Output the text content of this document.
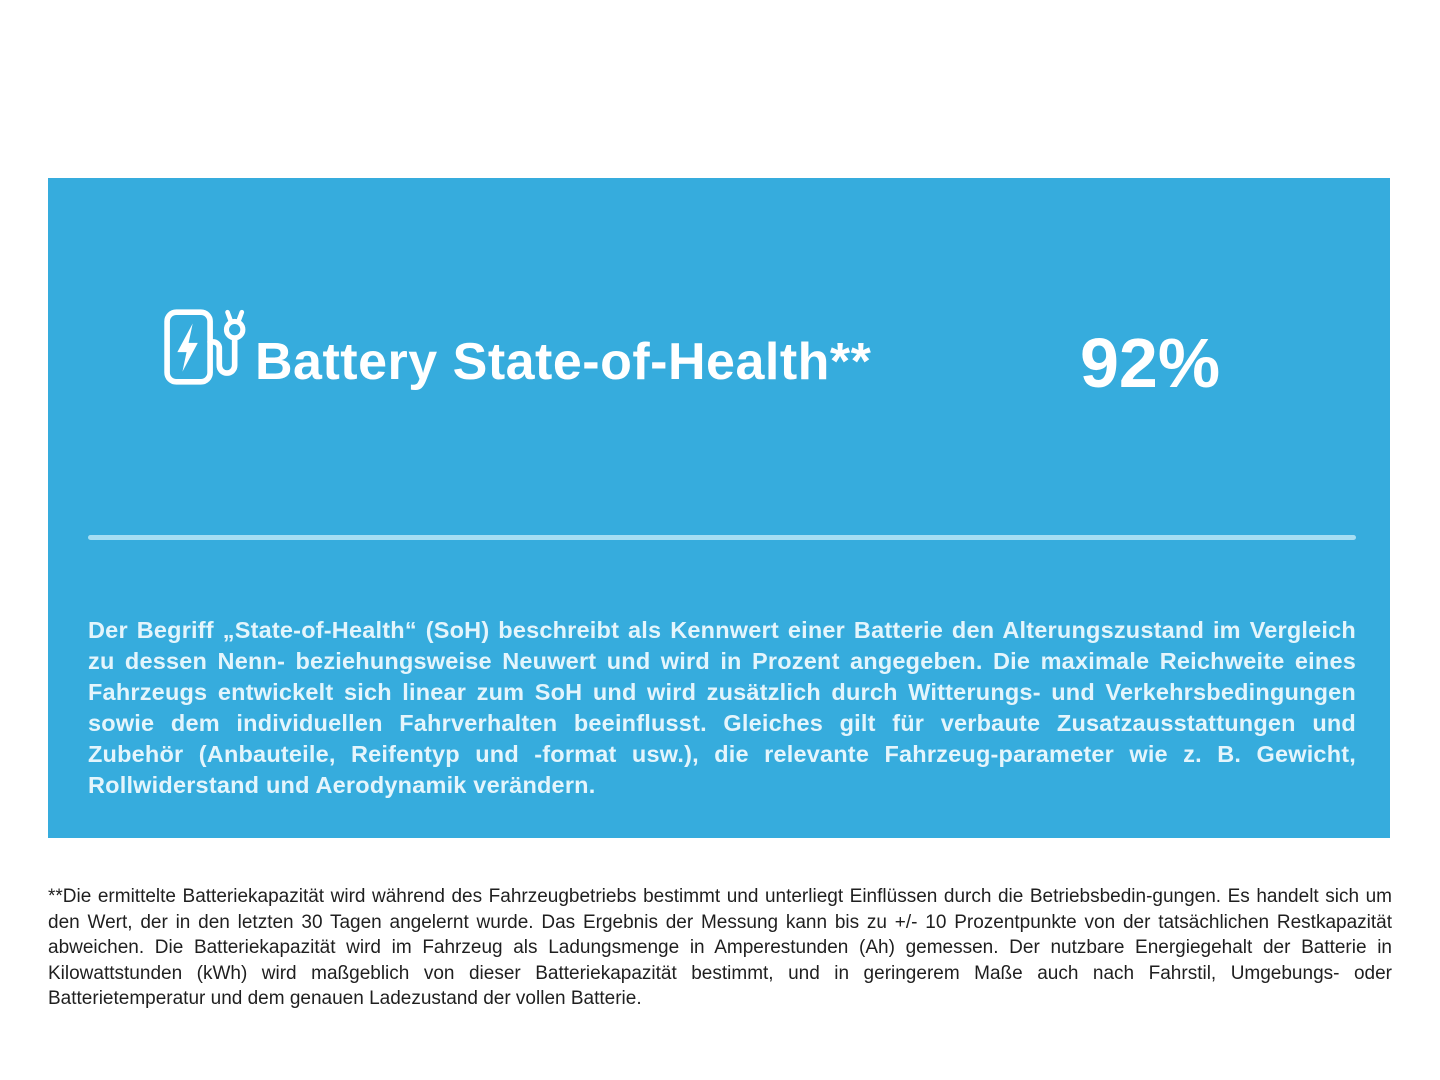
Battery State-of-Health**	92%
Der Begriff „State-of-Health“ (SoH) beschreibt als Kennwert einer Batterie den Alterungszustand im Vergleich zu dessen Nenn- beziehungsweise Neuwert und wird in Prozent angegeben. Die maximale Reichweite eines Fahrzeugs entwickelt sich linear zum SoH und wird zusätzlich durch Witterungs- und Verkehrsbedingungen sowie dem individuellen Fahrverhalten beeinflusst. Gleiches gilt für verbaute Zusatzausstattungen und Zubehör (Anbauteile, Reifentyp und -format usw.), die relevante Fahrzeug-parameter wie z. B. Gewicht, Rollwiderstand und Aerodynamik verändern.
**Die ermittelte Batteriekapazität wird während des Fahrzeugbetriebs bestimmt und unterliegt Einflüssen durch die Betriebsbedin-gungen. Es handelt sich um den Wert, der in den letzten 30 Tagen angelernt wurde. Das Ergebnis der Messung kann bis zu +/- 10 Prozentpunkte von der tatsächlichen Restkapazität abweichen. Die Batteriekapazität wird im Fahrzeug als Ladungsmenge in Amperestunden (Ah) gemessen. Der nutzbare Energiegehalt der Batterie in Kilowattstunden (kWh) wird maßgeblich von dieser Batteriekapazität bestimmt, und in geringerem Maße auch nach Fahrstil, Umgebungs- oder Batterietemperatur und dem genauen Ladezustand der vollen Batterie.
